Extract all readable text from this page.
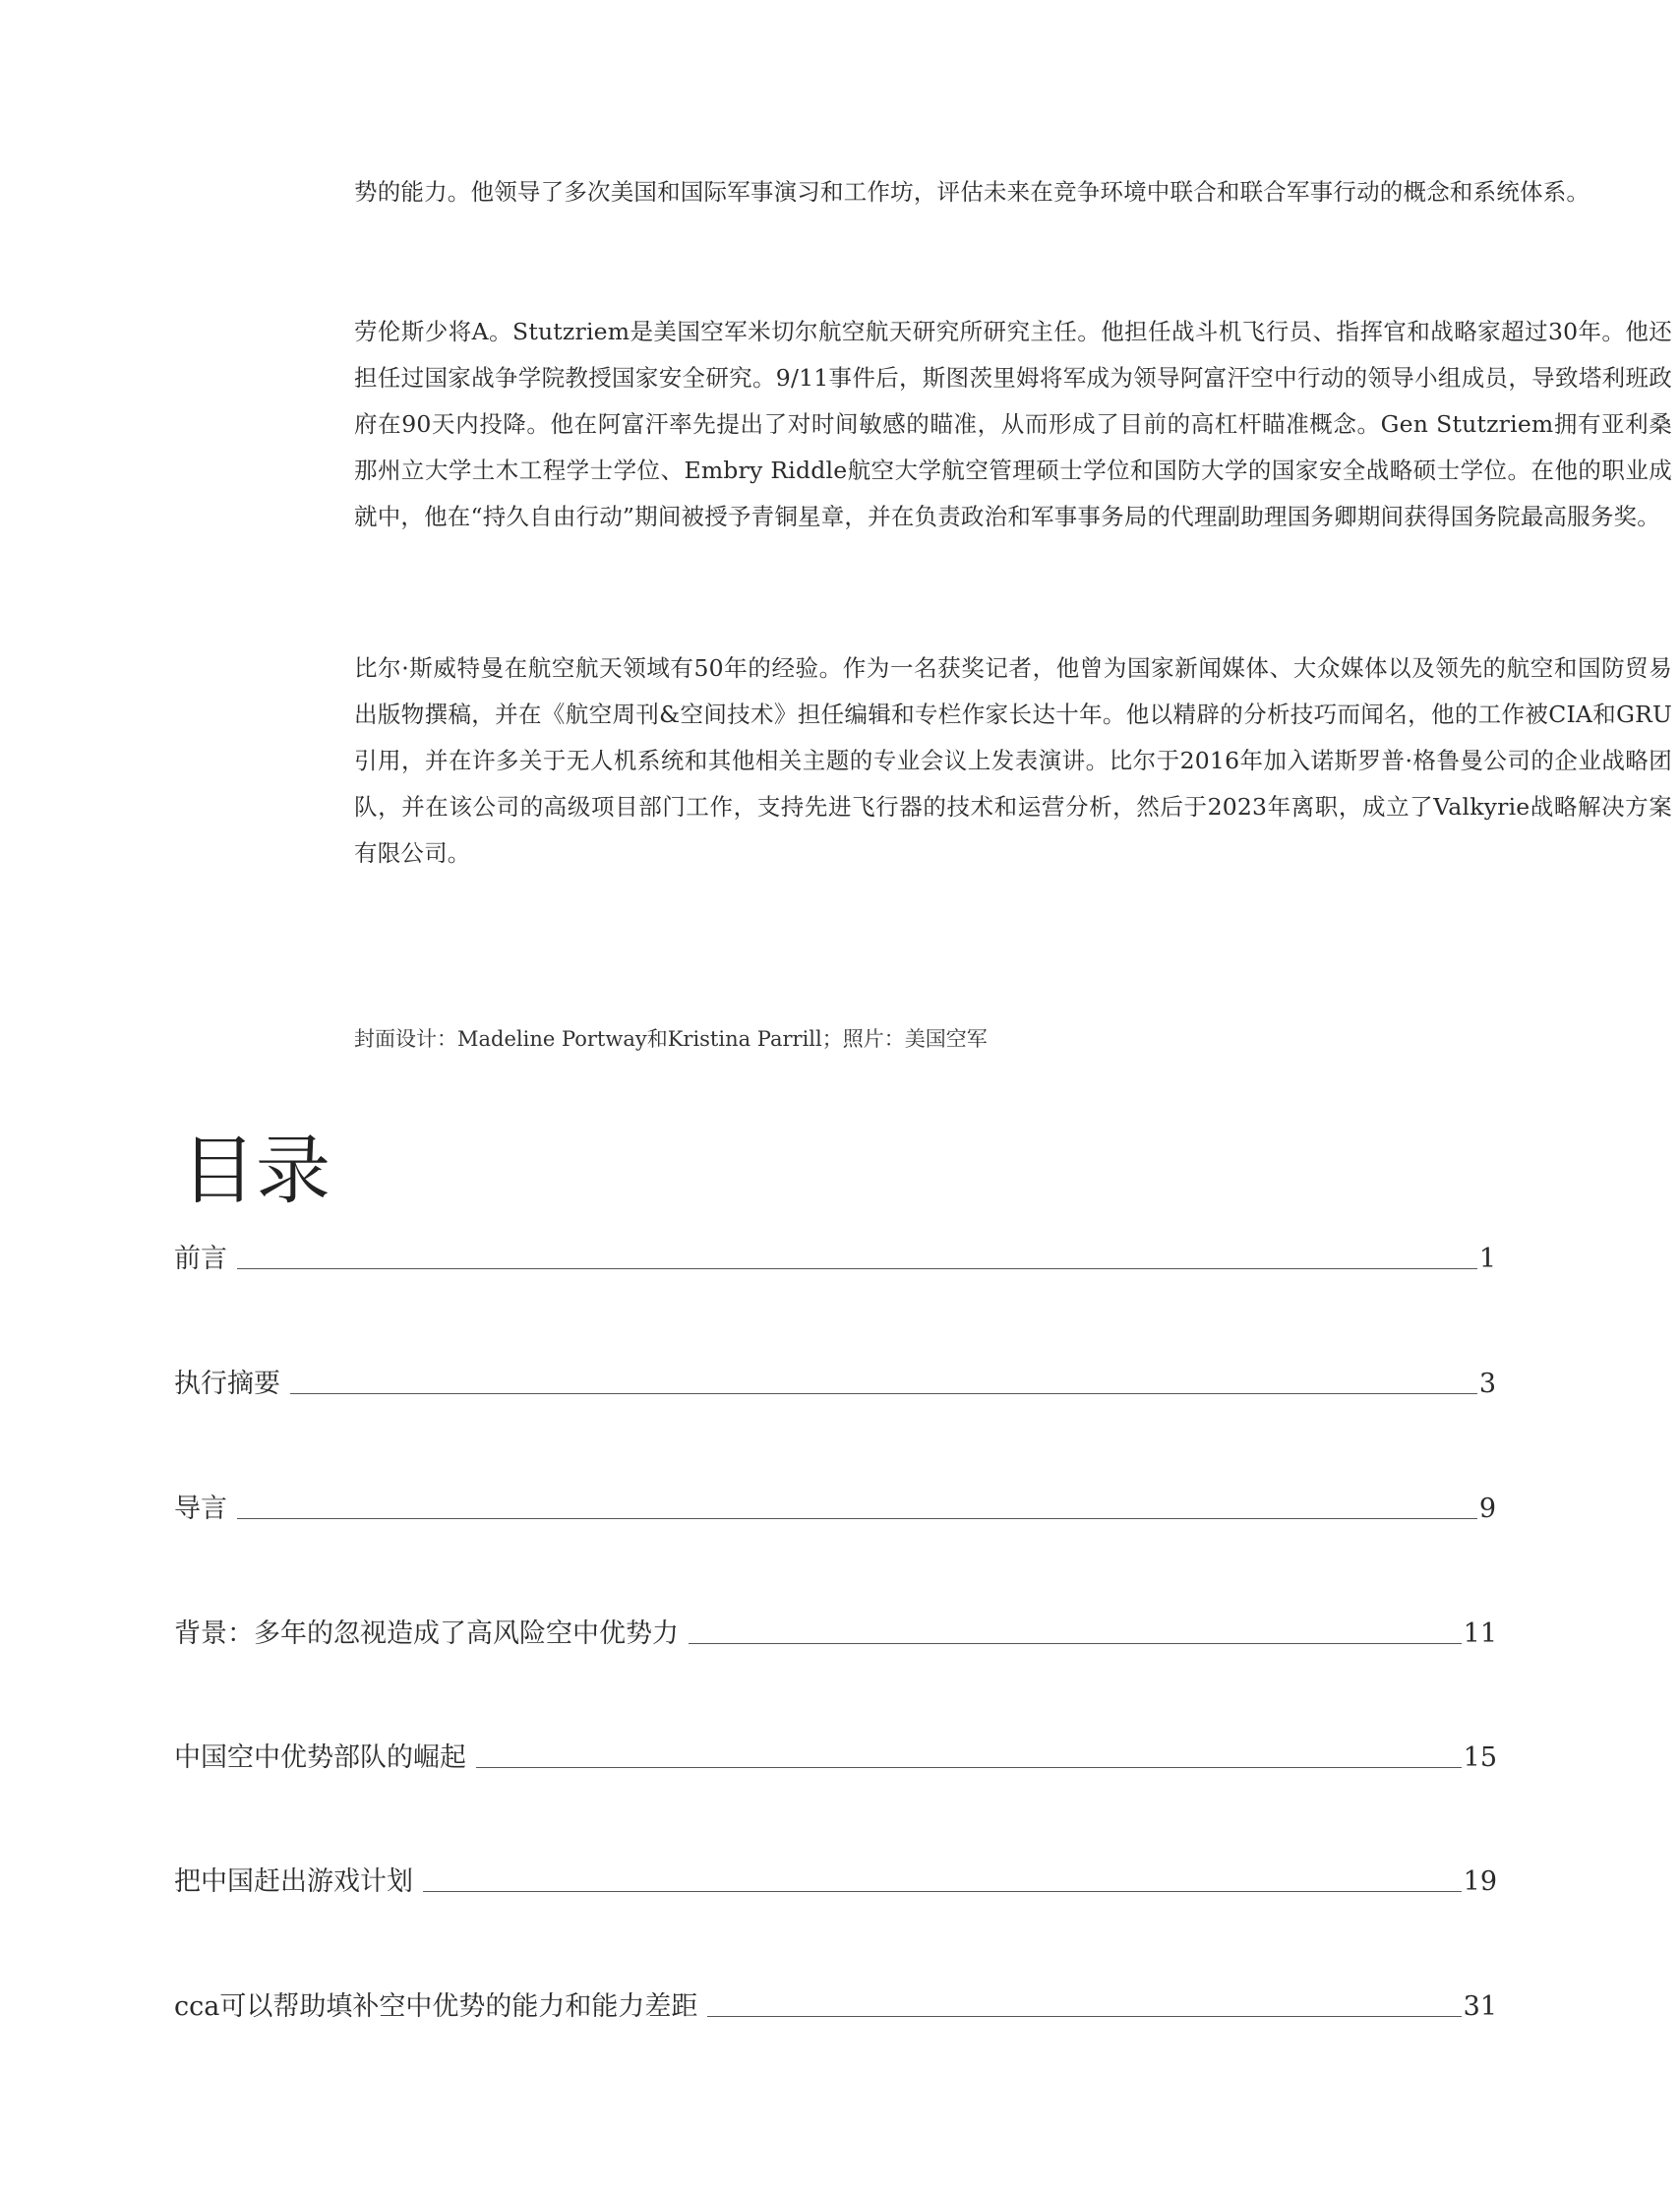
势的能力。他领导了多次美国和国际军事演习和工作坊，评估未来在竞争环境中联合和联合军事行动的概念和系统体系。

劳伦斯少将A。Stutzriem是美国空军米切尔航空航天研究所研究主任。他担任战斗机飞行员、指挥官和战略家超过30年。他还担任过国家战争学院教授国家安全研究。9/11事件后，斯图茨里姆将军成为领导阿富汗空中行动的领导小组成员，导致塔利班政府在90天内投降。他在阿富汗率先提出了对时间敏感的瞄准，从而形成了目前的高杠杆瞄准概念。Gen Stutzriem拥有亚利桑那州立大学土木工程学士学位、Embry Riddle航空大学航空管理硕士学位和国防大学的国家安全战略硕士学位。在他的职业成就中，他在“持久自由行动”期间被授予青铜星章，并在负责政治和军事事务局的代理副助理国务卿期间获得国务院最高服务奖。

比尔·斯威特曼在航空航天领域有50年的经验。作为一名获奖记者，他曾为国家新闻媒体、大众媒体以及领先的航空和国防贸易出版物撰稿，并在《航空周刊&空间技术》担任编辑和专栏作家长达十年。他以精辟的分析技巧而闻名，他的工作被CIA和GRU引用，并在许多关于无人机系统和其他相关主题的专业会议上发表演讲。比尔于2016年加入诺斯罗普·格鲁曼公司的企业战略团队，并在该公司的高级项目部门工作，支持先进飞行器的技术和运营分析，然后于2023年离职，成立了Valkyrie战略解决方案有限公司。

封面设计：Madeline Portway和Kristina Parrill；照片：美国空军

目录
前言	1
执行摘要	3
导言	9
背景：多年的忽视造成了高风险空中优势力	11
中国空中优势部队的崛起	15
把中国赶出游戏计划	19
cca可以帮助填补空中优势的能力和能力差距	31
